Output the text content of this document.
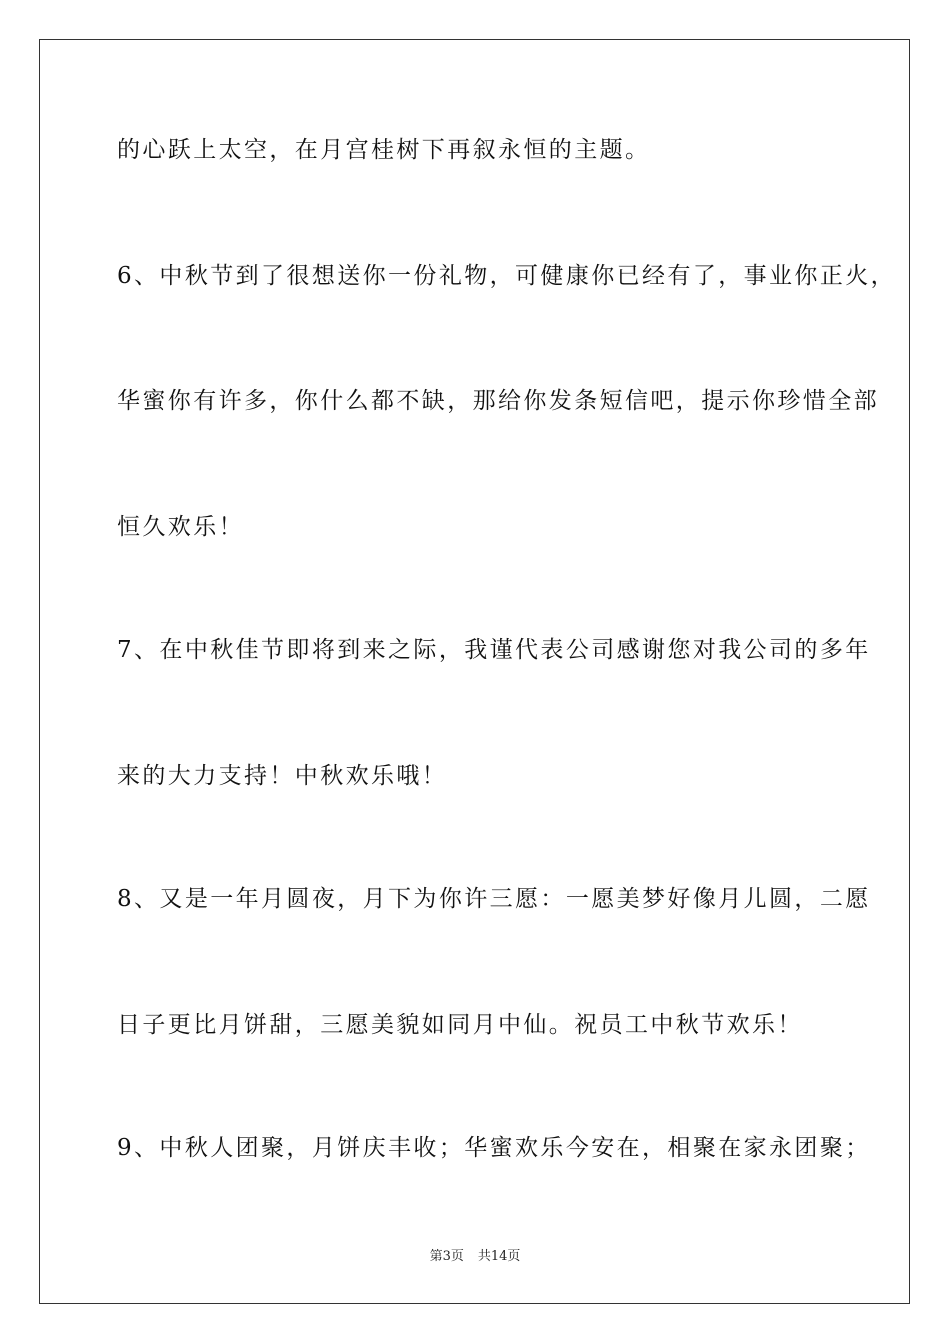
的心跃上太空，在月宫桂树下再叙永恒的主题。
6、中秋节到了很想送你一份礼物，可健康你已经有了，事业你正火，
华蜜你有许多，你什么都不缺，那给你发条短信吧，提示你珍惜全部
恒久欢乐！
7、在中秋佳节即将到来之际，我谨代表公司感谢您对我公司的多年
来的大力支持！中秋欢乐哦！
8、又是一年月圆夜，月下为你许三愿：一愿美梦好像月儿圆，二愿
日子更比月饼甜，三愿美貌如同月中仙。祝员工中秋节欢乐！
9、中秋人团聚，月饼庆丰收；华蜜欢乐今安在，相聚在家永团聚；
第3页 共14页
